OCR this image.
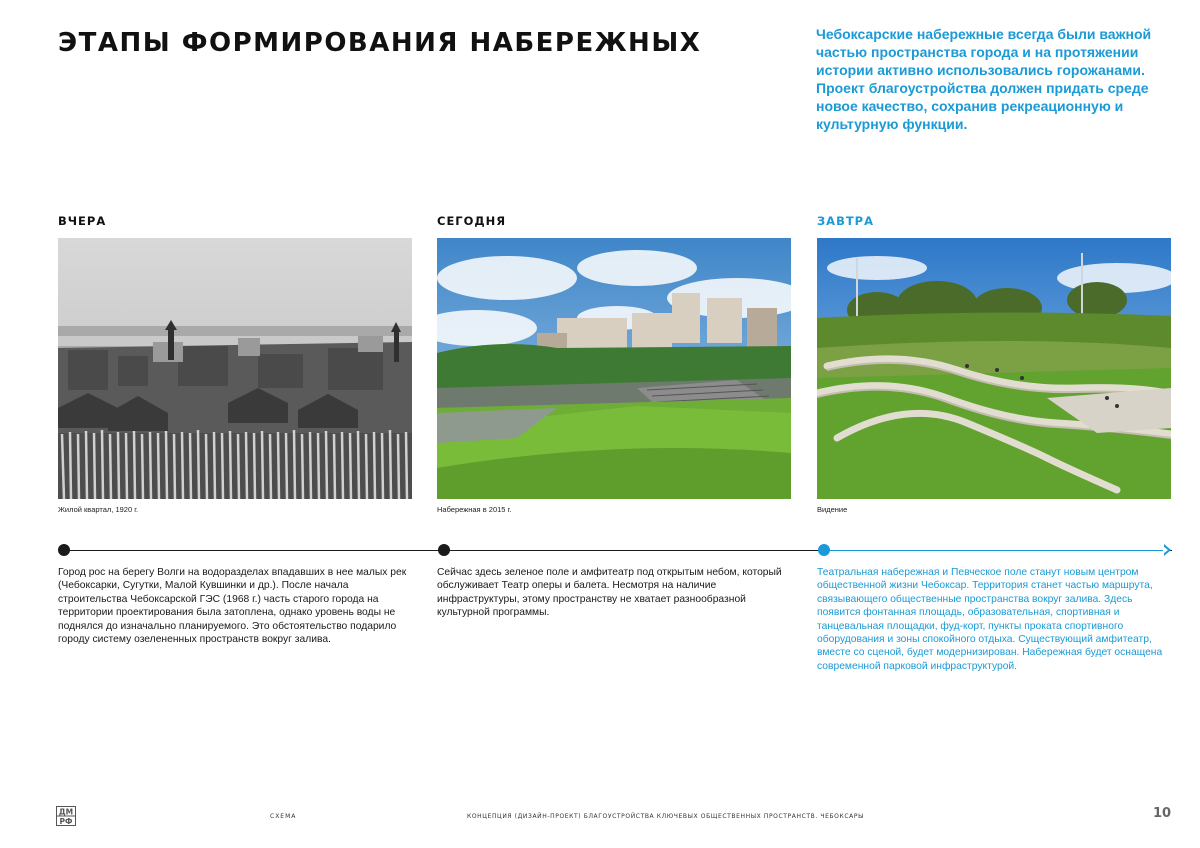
ЭТАПЫ ФОРМИРОВАНИЯ НАБЕРЕЖНЫХ	Чебоксарские набережные всегда были важной частью пространства города и на протяжении истории активно использовались горожанами. Проект благоустройства должен придать среде новое качество, сохранив рекреационную и культурную функции.

ВЧЕРА
Жилой квартал, 1920 г.
СЕГОДНЯ
Набережная в 2015 г.
ЗАВТРА
Видение

Город рос на берегу Волги на водоразделах впадавших в нее малых рек (Чебоксарки, Сугутки, Малой Кувшинки и др.). После начала строительства Чебоксарской ГЭС (1968 г.) часть старого города на территории проектирования была затоплена, однако уровень воды не поднялся до изначально планируемого. Это обстоятельство подарило городу систему озелененных пространств вокруг залива.

Сейчас здесь зеленое поле и амфитеатр под открытым небом, который обслуживает Театр оперы и балета. Несмотря на наличие инфраструктуры, этому пространству не хватает разнообразной культурной программы.

Театральная набережная и Певческое поле станут новым центром общественной жизни Чебоксар. Территория станет частью маршрута, связывающего общественные пространства вокруг залива. Здесь появится фонтанная площадь, образовательная, спортивная и танцевальная площадки, фуд-корт, пункты проката спортивного оборудования и зоны спокойного отдыха. Существующий амфитеатр, вместе со сценой, будет модернизирован. Набережная будет оснащена современной парковой инфраструктурой.

ДМ
РФ
СХЕМА	КОНЦЕПЦИЯ (ДИЗАЙН-ПРОЕКТ) БЛАГОУСТРОЙСТВА КЛЮЧЕВЫХ ОБЩЕСТВЕННЫХ ПРОСТРАНСТВ. ЧЕБОКСАРЫ	10
